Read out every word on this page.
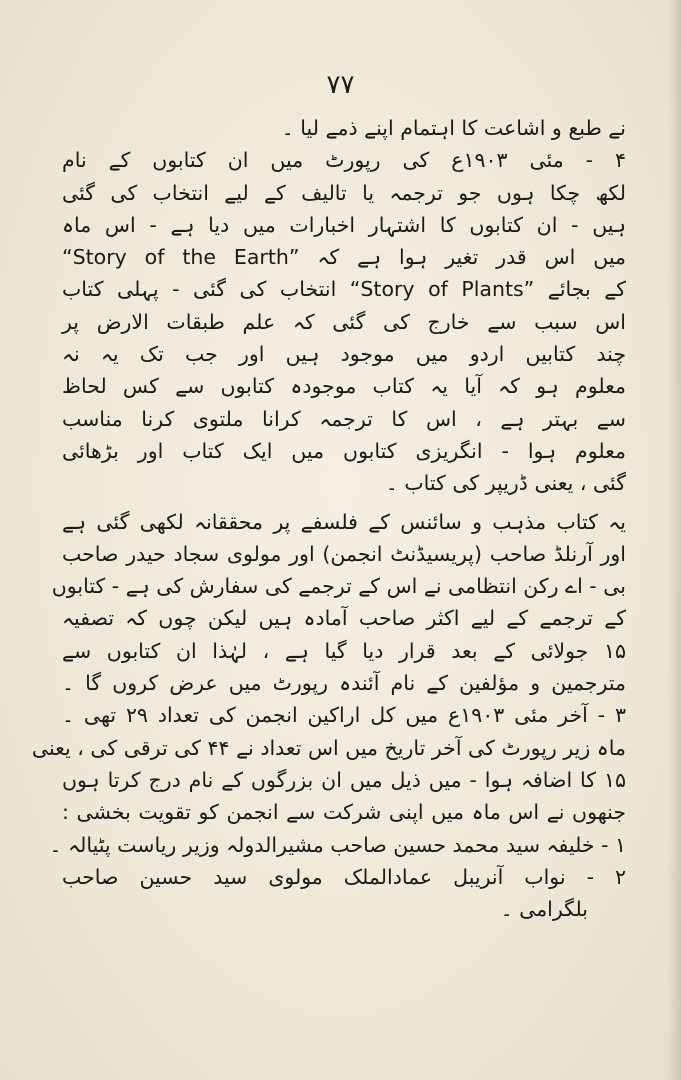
۷۷
نے طبع و اشاعت کا اہتمام اپنے ذمے لیا ۔
۴ - مئی ۱۹۰۳ع کی رپورٹ میں ان کتابوں کے نام
لکھ چکا ہوں جو ترجمہ یا تالیف کے لیے انتخاب کی گئی
ہیں - ان کتابوں کا اشتہار اخبارات میں دیا ہے - اس ماہ
میں اس قدر تغیر ہوا ہے کہ ”Story of the Earth“
کے بجائے ”Story of Plants“ انتخاب کی گئی - پہلی کتاب
اس سبب سے خارج کی گئی کہ علم طبقات الارض پر
چند کتابیں اردو میں موجود ہیں اور جب تک یہ نہ
معلوم ہو کہ آیا یہ کتاب موجودہ کتابوں سے کس لحاظ
سے بہتر ہے ، اس کا ترجمہ کرانا ملتوی کرنا مناسب
معلوم ہوا - انگریزی کتابوں میں ایک کتاب اور بڑھائی
گئی ، یعنی ڈریپر کی کتاب ۔
یہ کتاب مذہب و سائنس کے فلسفے پر محققانہ لکھی گئی ہے
اور آرنلڈ صاحب (پریسیڈنٹ انجمن) اور مولوی سجاد حیدر صاحب
بی - اے رکن انتظامی نے اس کے ترجمے کی سفارش کی ہے - کتابوں
کے ترجمے کے لیے اکثر صاحب آمادہ ہیں لیکن چوں کہ تصفیہ
۱۵ جولائی کے بعد قرار دیا گیا ہے ، لہٰذا ان کتابوں سے
مترجمین و مؤلفین کے نام آئندہ رپورٹ میں عرض کروں گا ۔
۳ - آخر مئی ۱۹۰۳ع میں کل اراکین انجمن کی تعداد ۲۹ تھی ۔
ماہ زیر رپورٹ کی آخر تاریخ میں اس تعداد نے ۴۴ کی ترقی کی ، یعنی
۱۵ کا اضافہ ہوا - میں ذیل میں ان بزرگوں کے نام درج کرتا ہوں
جنھوں نے اس ماہ میں اپنی شرکت سے انجمن کو تقویت بخشی :
۱ - خلیفہ سید محمد حسین صاحب مشیرالدولہ وزیر ریاست پٹیالہ ۔
۲ - نواب آنریبل عمادالملک مولوی سید حسین صاحب
بلگرامی ۔
